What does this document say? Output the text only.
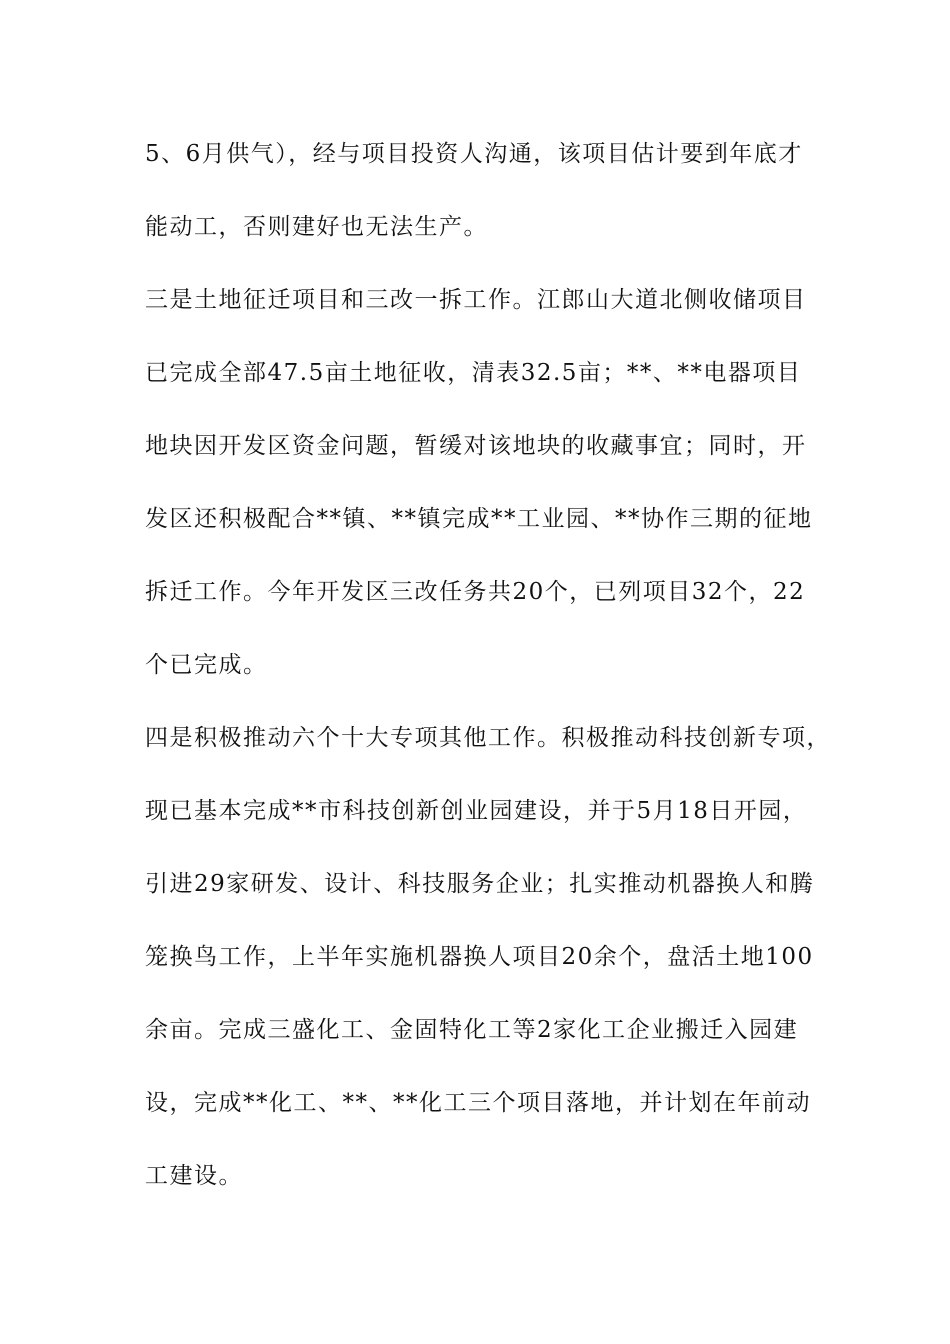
5、6月供气），经与项目投资人沟通，该项目估计要到年底才
能动工，否则建好也无法生产。
三是土地征迁项目和三改一拆工作。江郎山大道北侧收储项目
已完成全部47.5亩土地征收，清表32.5亩；**、**电器项目
地块因开发区资金问题，暂缓对该地块的收藏事宜；同时，开
发区还积极配合**镇、**镇完成**工业园、**协作三期的征地
拆迁工作。今年开发区三改任务共20个，已列项目32个，22
个已完成。
四是积极推动六个十大专项其他工作。积极推动科技创新专项，
现已基本完成**市科技创新创业园建设，并于5月18日开园，
引进29家研发、设计、科技服务企业；扎实推动机器换人和腾
笼换鸟工作，上半年实施机器换人项目20余个，盘活土地100
余亩。完成三盛化工、金固特化工等2家化工企业搬迁入园建
设，完成**化工、**、**化工三个项目落地，并计划在年前动
工建设。
